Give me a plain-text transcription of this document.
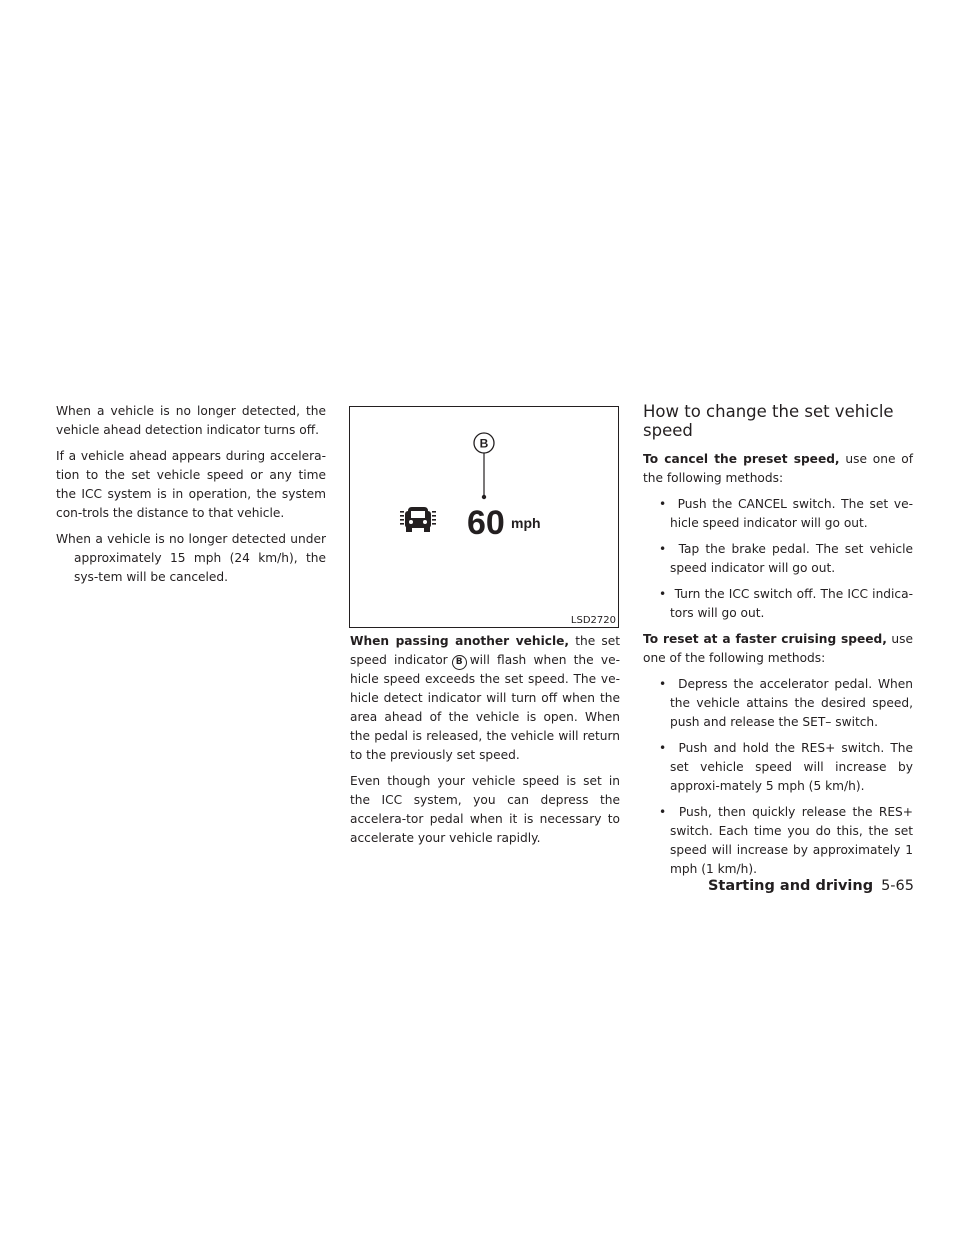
When a vehicle is no longer detected, the vehicle ahead detection indicator turns off.

If a vehicle ahead appears during accelera-tion to the set vehicle speed or any time the ICC system is in operation, the system con-trols the distance to that vehicle.

When a vehicle is no longer detected under approximately 15 mph (24 km/h), the sys-tem will be canceled.

B
60 mph
LSD2720

When passing another vehicle, the set speed indicator B will flash when the ve-hicle speed exceeds the set speed. The ve-hicle detect indicator will turn off when the area ahead of the vehicle is open. When the pedal is released, the vehicle will return to the previously set speed.

Even though your vehicle speed is set in the ICC system, you can depress the accelera-tor pedal when it is necessary to accelerate your vehicle rapidly.

How to change the set vehicle speed

To cancel the preset speed, use one of the following methods:

• Push the CANCEL switch. The set ve-hicle speed indicator will go out.

• Tap the brake pedal. The set vehicle speed indicator will go out.

• Turn the ICC switch off. The ICC indica-tors will go out.

To reset at a faster cruising speed, use one of the following methods:

• Depress the accelerator pedal. When the vehicle attains the desired speed, push and release the SET– switch.

• Push and hold the RES+ switch. The set vehicle speed will increase by approxi-mately 5 mph (5 km/h).

• Push, then quickly release the RES+ switch. Each time you do this, the set speed will increase by approximately 1 mph (1 km/h).

Starting and driving 5-65
